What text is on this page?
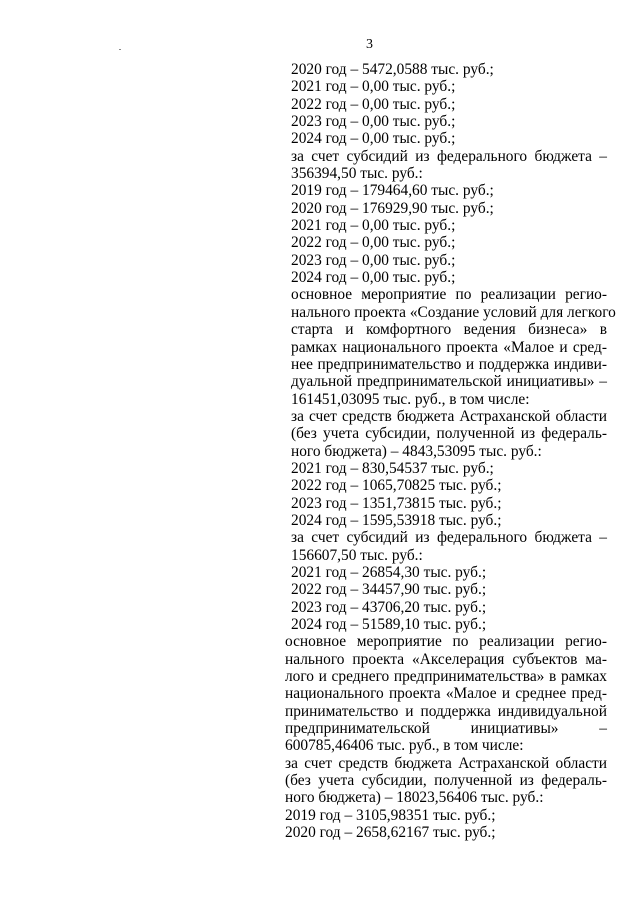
3
2020 год – 5472,0588 тыс. руб.;
2021 год – 0,00 тыс. руб.;
2022 год – 0,00 тыс. руб.;
2023 год – 0,00 тыс. руб.;
2024 год – 0,00 тыс. руб.;
за счет субсидий из федерального бюджета –
356394,50 тыс. руб.:
2019 год – 179464,60 тыс. руб.;
2020 год – 176929,90 тыс. руб.;
2021 год – 0,00 тыс. руб.;
2022 год – 0,00 тыс. руб.;
2023 год – 0,00 тыс. руб.;
2024 год – 0,00 тыс. руб.;
основное мероприятие по реализации регио-
нального проекта «Создание условий для легкого
старта и комфортного ведения бизнеса» в
рамках национального проекта «Малое и сред-
нее предпринимательство и поддержка индиви-
дуальной предпринимательской инициативы» –
161451,03095 тыс. руб., в том числе:
за счет средств бюджета Астраханской области
(без учета субсидии, полученной из федераль-
ного бюджета) – 4843,53095 тыс. руб.:
2021 год – 830,54537 тыс. руб.;
2022 год – 1065,70825 тыс. руб.;
2023 год – 1351,73815 тыс. руб.;
2024 год – 1595,53918 тыс. руб.;
за счет субсидий из федерального бюджета –
156607,50 тыс. руб.:
2021 год – 26854,30 тыс. руб.;
2022 год – 34457,90 тыс. руб.;
2023 год – 43706,20 тыс. руб.;
2024 год – 51589,10 тыс. руб.;
основное мероприятие по реализации регио-
нального проекта «Акселерация субъектов ма-
лого и среднего предпринимательства» в рамках
национального проекта «Малое и среднее пред-
принимательство и поддержка индивидуальной
предпринимательской инициативы» –
600785,46406 тыс. руб., в том числе:
за счет средств бюджета Астраханской области
(без учета субсидии, полученной из федераль-
ного бюджета) – 18023,56406 тыс. руб.:
2019 год – 3105,98351 тыс. руб.;
2020 год – 2658,62167 тыс. руб.;
